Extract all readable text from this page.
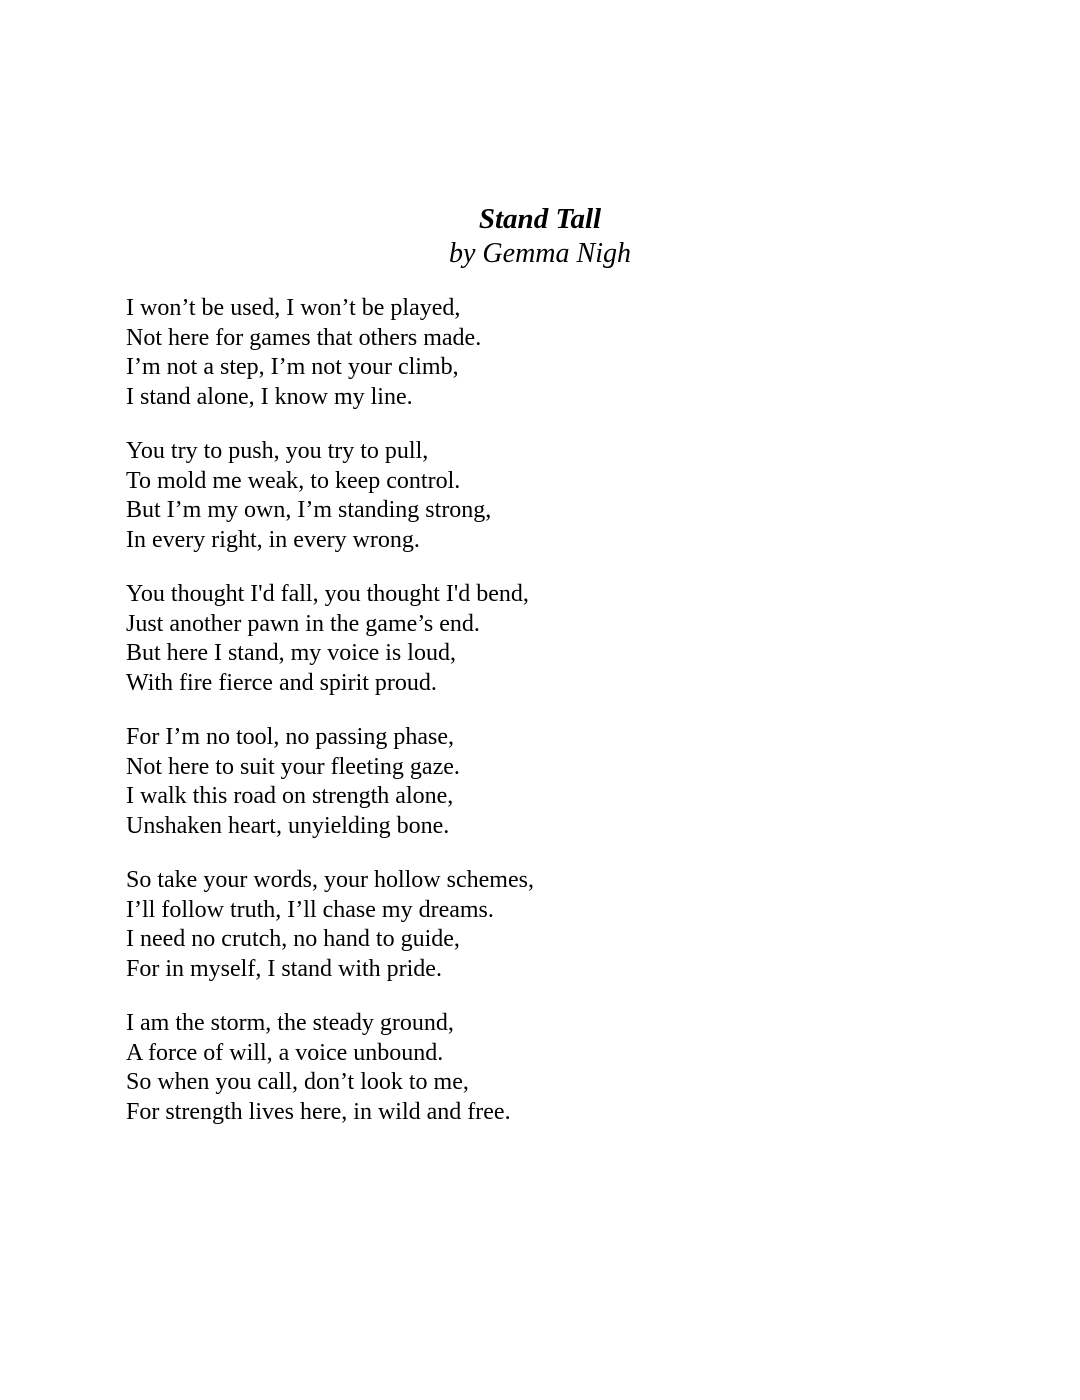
Stand Tall
by Gemma Nigh
I won’t be used, I won’t be played,
Not here for games that others made.
I’m not a step, I’m not your climb,
I stand alone, I know my line.
You try to push, you try to pull,
To mold me weak, to keep control.
But I’m my own, I’m standing strong,
In every right, in every wrong.
You thought I'd fall, you thought I'd bend,
Just another pawn in the game’s end.
But here I stand, my voice is loud,
With fire fierce and spirit proud.
For I’m no tool, no passing phase,
Not here to suit your fleeting gaze.
I walk this road on strength alone,
Unshaken heart, unyielding bone.
So take your words, your hollow schemes,
I’ll follow truth, I’ll chase my dreams.
I need no crutch, no hand to guide,
For in myself, I stand with pride.
I am the storm, the steady ground,
A force of will, a voice unbound.
So when you call, don’t look to me,
For strength lives here, in wild and free.
